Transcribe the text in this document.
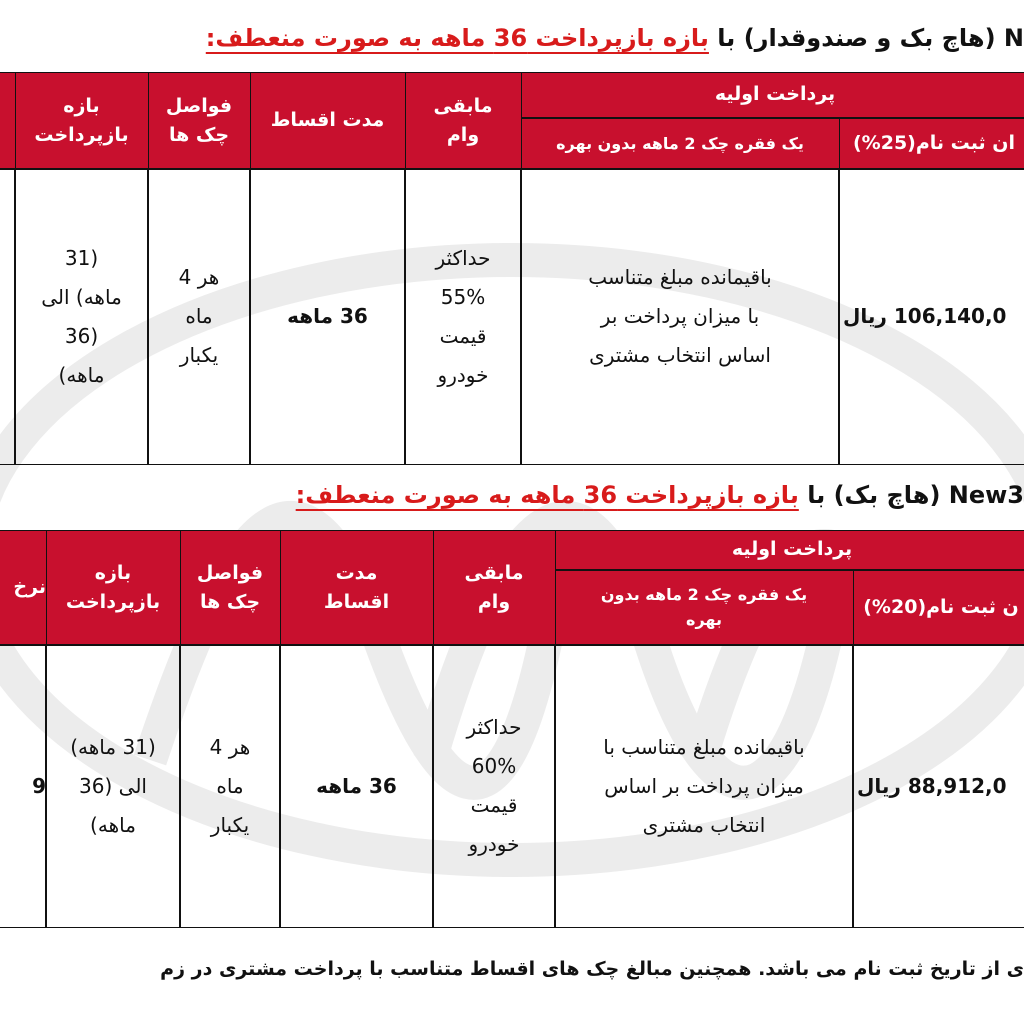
N (هاچ بک و صندوقدار) با بازه بازپرداخت 36 ماهه به صورت منعطف:
پرداخت اولیه
ان ثبت نام(25%)
یک فقره چک 2 ماهه بدون بهره
مابقی وام
مدت اقساط
فواصل چک ها
بازه بازپرداخت
106,140,0 ریال
باقیمانده مبلغ متناسب با میزان پرداخت بر اساس انتخاب مشتری
حداکثر %55 قیمت خودرو
36 ماهه
هر 4 ماه یکبار
(31 ماهه) الی (36 ماهه)
New3 (هاچ بک) با بازه بازپرداخت 36 ماهه به صورت منعطف:
پرداخت اولیه
ن ثبت نام(20%)
یک فقره چک 2 ماهه بدون بهره
مابقی وام
مدت اقساط
فواصل چک ها
بازه بازپرداخت
نرخ
88,912,0 ریال
باقیمانده مبلغ متناسب با میزان پرداخت بر اساس انتخاب مشتری
حداکثر %60 قیمت خودرو
36 ماهه
هر 4 ماه یکبار
(31 ماهه) الی (36 ماهه)
9
ی از تاریخ ثبت نام می باشد. همچنین مبالغ چک های اقساط متناسب با پرداخت مشتری در زم
